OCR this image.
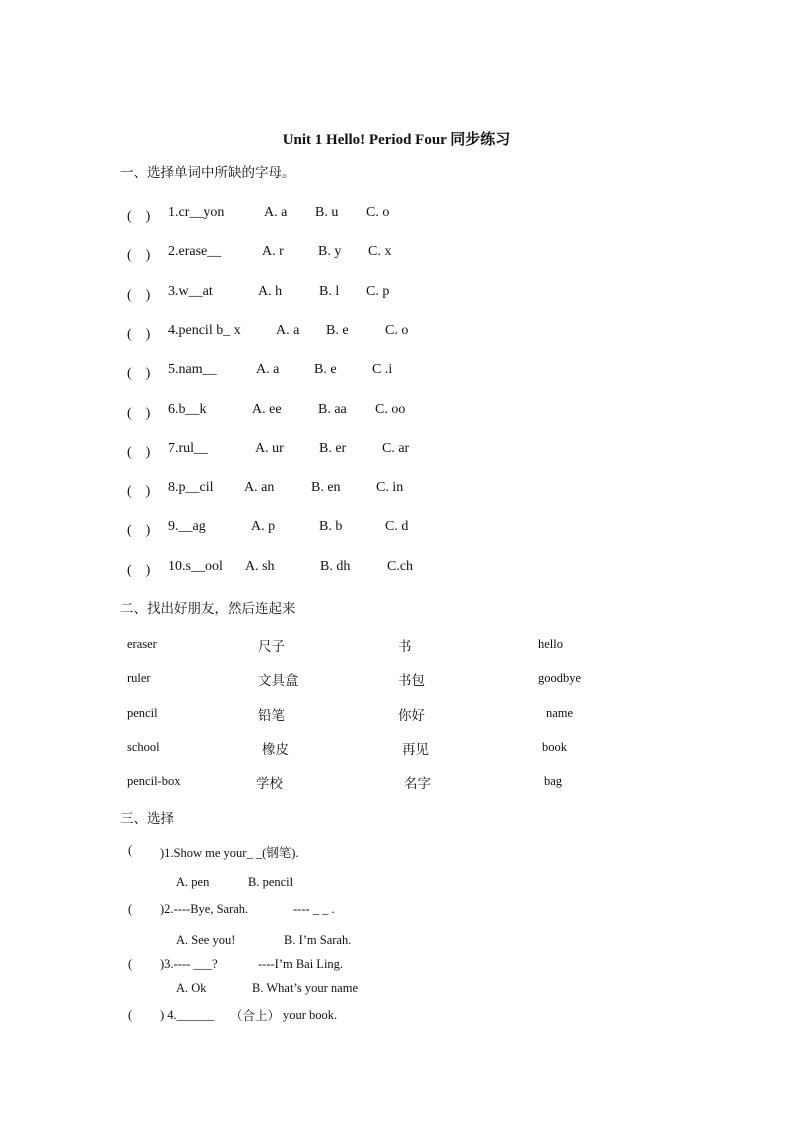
Unit 1 Hello! Period Four 同步练习
一、选择单词中所缺的字母。
(　) 1.cr__yon	A. a B. u C. o
(　) 2.erase__	A. r B. y C. x
(　) 3.w__at	A. h	B. l C. p
(　) 4.pencil b_ x	A. a B. e	C. o
(　) 5.nam__	A. a B. e	C .i
(　) 6.b__k	A. ee	B. aa C. oo
(　) 7.rul__	A. ur	B. er	C. ar
(　) 8.p__cil A. an	B. en	C. in
(　) 9.__ag	A. p	B. b	C. d
(　) 10.s__ool A. sh	B. dh	C.ch
二、找出好朋友，然后连起来
eraser	尺子	书	hello
ruler	文具盒	书包	goodbye
pencil	铅笔	你好	name
school	橡皮	再见	book
pencil-box	学校	名字	bag
三、选择
( )1.Show me your_ _(钢笔).
A. pen	B. pencil
( )2.----Bye, Sarah.	---- _ _ .
A. See you!	B. I’m Sarah.
( )3.---- ___?	----I’m Bai Ling.
A. Ok	B. What’s your name
( ) 4.______ （合上） your book.
